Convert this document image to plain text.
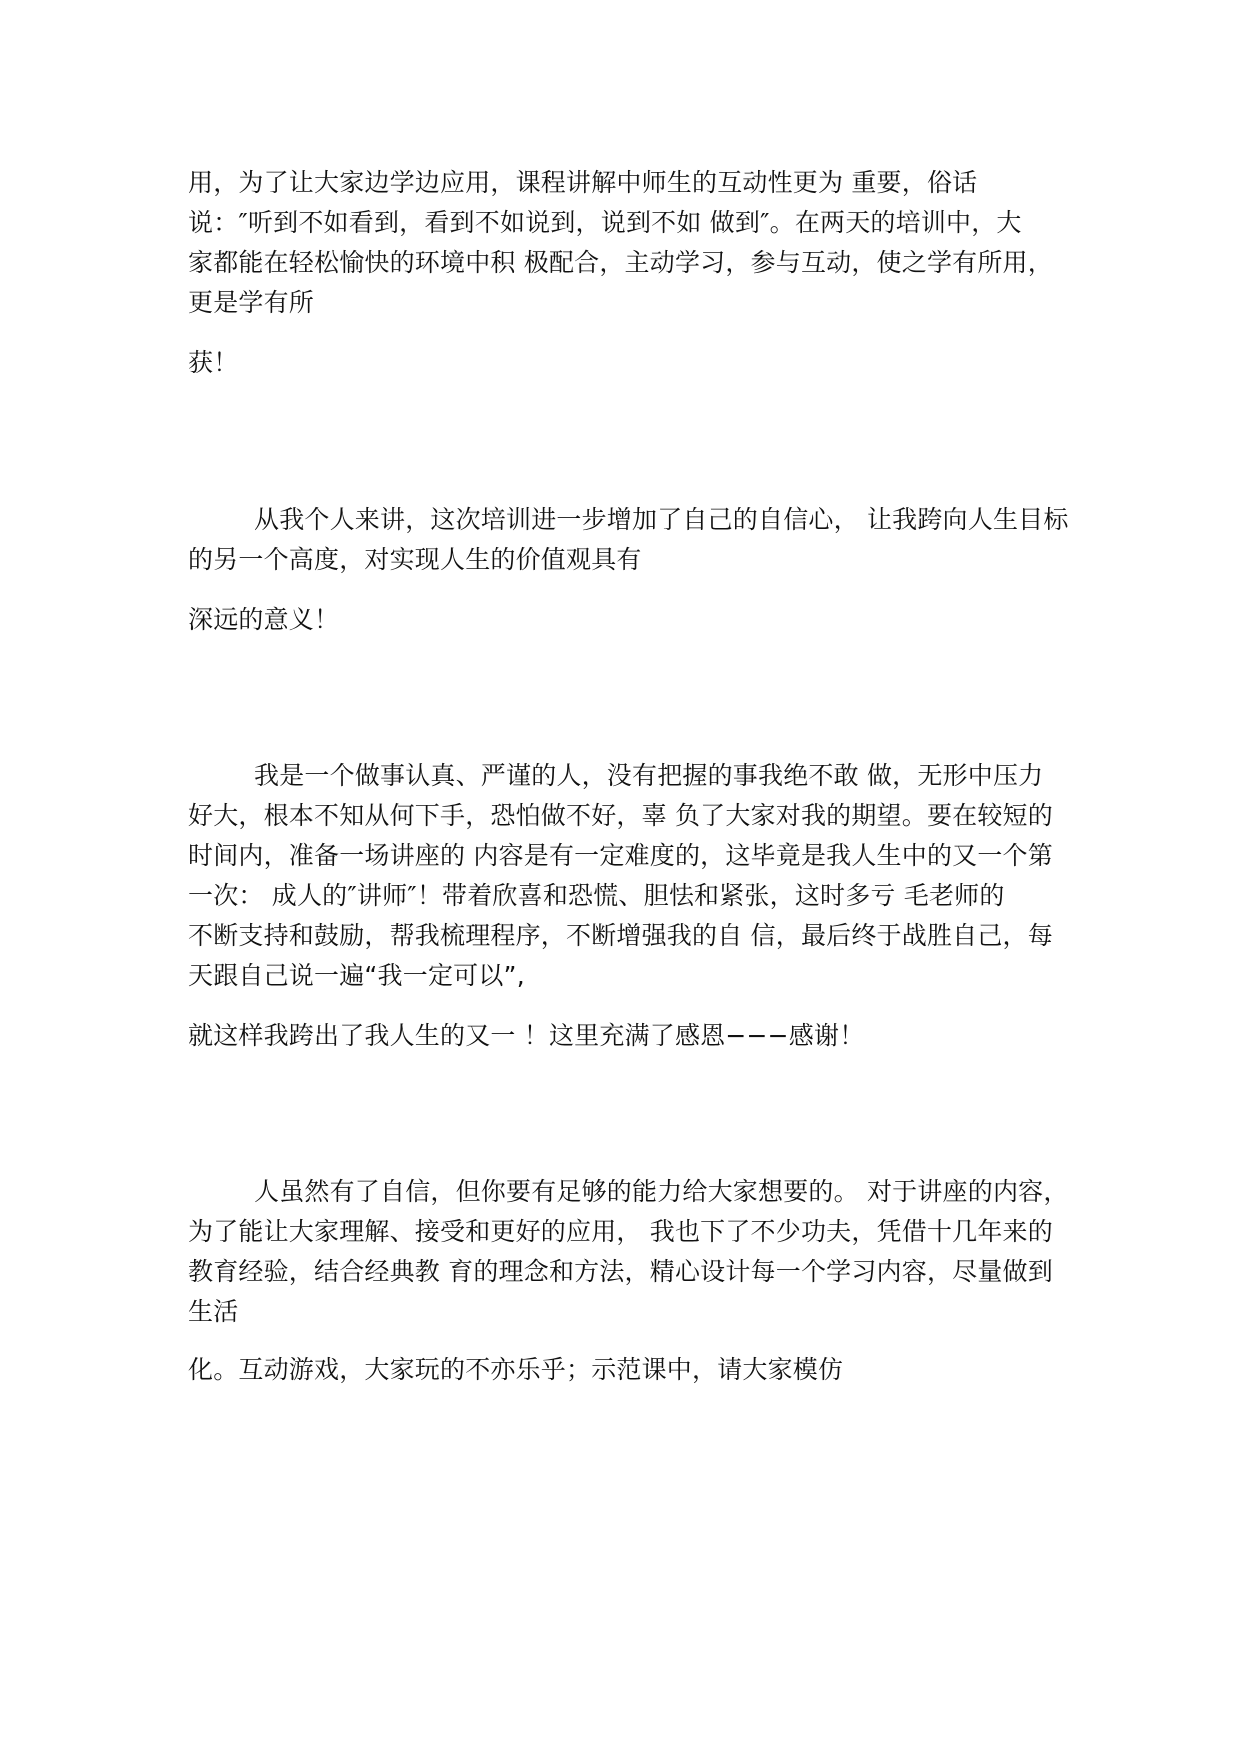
用，为了让大家边学边应用，课程讲解中师生的互动性更为 重要，俗话
说：″听到不如看到，看到不如说到，说到不如 做到″。在两天的培训中，大
家都能在轻松愉快的环境中积 极配合，主动学习，参与互动，使之学有所用，
更是学有所
获！
从我个人来讲，这次培训进一步增加了自己的自信心， 让我跨向人生目标
的另一个高度，对实现人生的价值观具有
深远的意义！
我是一个做事认真、严谨的人，没有把握的事我绝不敢 做，无形中压力
好大，根本不知从何下手，恐怕做不好，辜 负了大家对我的期望。要在较短的
时间内，准备一场讲座的 内容是有一定难度的，这毕竟是我人生中的又一个第
一次： 成人的″讲师″！带着欣喜和恐慌、胆怯和紧张，这时多亏 毛老师的
不断支持和鼓励，帮我梳理程序，不断增强我的自 信，最后终于战胜自己，每
天跟自己说一遍“我一定可以”,
就这样我跨出了我人生的又一 ！这里充满了感恩−−−感谢！
人虽然有了自信，但你要有足够的能力给大家想要的。 对于讲座的内容，
为了能让大家理解、接受和更好的应用， 我也下了不少功夫，凭借十几年来的
教育经验，结合经典教 育的理念和方法，精心设计每一个学习内容，尽量做到
生活
化。互动游戏，大家玩的不亦乐乎；示范课中，请大家模仿
